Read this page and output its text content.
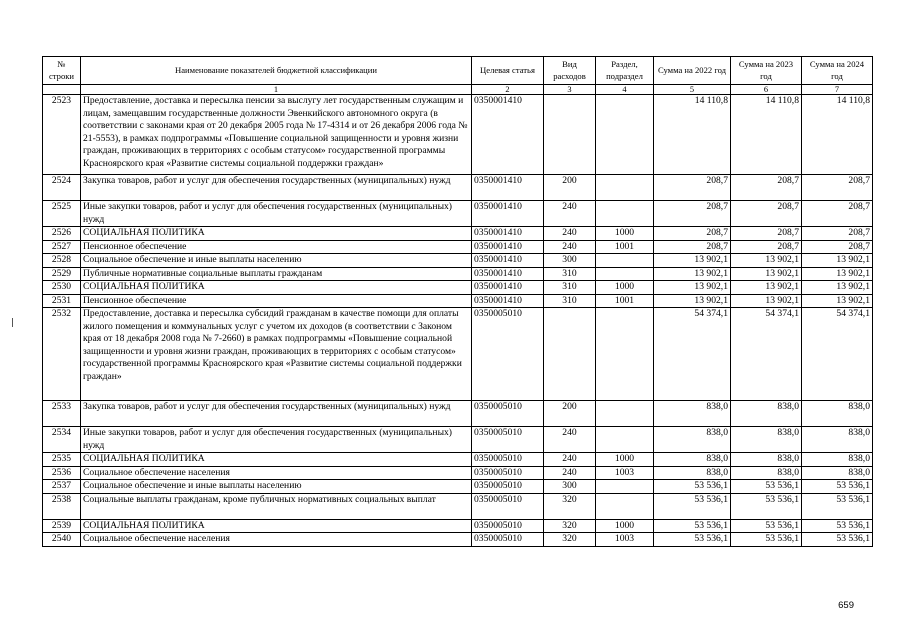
№ строки	Наименование показателей бюджетной классификации	Целевая статья	Вид расходов	Раздел, подраздел	Сумма на 2022 год	Сумма на 2023 год	Сумма на 2024 год
	1	2	3	4	5	6	7
2523	Предоставление, доставка и пересылка пенсии за выслугу лет государственным служащим и лицам, замещавшим государственные должности Эвенкийского автономного округа (в соответствии с законами края от 20 декабря 2005 года № 17-4314 и от 26 декабря 2006 года № 21-5553), в рамках подпрограммы «Повышение социальной защищенности и уровня жизни граждан, проживающих в территориях с особым статусом» государственной программы Красноярского края «Развитие системы социальной поддержки граждан»	0350001410			14 110,8	14 110,8	14 110,8
2524	Закупка товаров, работ и услуг для обеспечения государственных (муниципальных) нужд	0350001410	200		208,7	208,7	208,7
2525	Иные закупки товаров, работ и услуг для обеспечения государственных (муниципальных) нужд	0350001410	240		208,7	208,7	208,7
2526	СОЦИАЛЬНАЯ ПОЛИТИКА	0350001410	240	1000	208,7	208,7	208,7
2527	Пенсионное обеспечение	0350001410	240	1001	208,7	208,7	208,7
2528	Социальное обеспечение и иные выплаты населению	0350001410	300		13 902,1	13 902,1	13 902,1
2529	Публичные нормативные социальные выплаты гражданам	0350001410	310		13 902,1	13 902,1	13 902,1
2530	СОЦИАЛЬНАЯ ПОЛИТИКА	0350001410	310	1000	13 902,1	13 902,1	13 902,1
2531	Пенсионное обеспечение	0350001410	310	1001	13 902,1	13 902,1	13 902,1
2532	Предоставление, доставка и пересылка субсидий гражданам в качестве помощи для оплаты жилого помещения и коммунальных услуг с учетом их доходов (в соответствии с Законом края от 18 декабря 2008 года № 7-2660) в рамках подпрограммы «Повышение социальной защищенности и уровня жизни граждан, проживающих в территориях с особым статусом» государственной программы Красноярского края «Развитие системы социальной поддержки граждан»	0350005010			54 374,1	54 374,1	54 374,1
2533	Закупка товаров, работ и услуг для обеспечения государственных (муниципальных) нужд	0350005010	200		838,0	838,0	838,0
2534	Иные закупки товаров, работ и услуг для обеспечения государственных (муниципальных) нужд	0350005010	240		838,0	838,0	838,0
2535	СОЦИАЛЬНАЯ ПОЛИТИКА	0350005010	240	1000	838,0	838,0	838,0
2536	Социальное обеспечение населения	0350005010	240	1003	838,0	838,0	838,0
2537	Социальное обеспечение и иные выплаты населению	0350005010	300		53 536,1	53 536,1	53 536,1
2538	Социальные выплаты гражданам, кроме публичных нормативных социальных выплат	0350005010	320		53 536,1	53 536,1	53 536,1
2539	СОЦИАЛЬНАЯ ПОЛИТИКА	0350005010	320	1000	53 536,1	53 536,1	53 536,1
2540	Социальное обеспечение населения	0350005010	320	1003	53 536,1	53 536,1	53 536,1
659
